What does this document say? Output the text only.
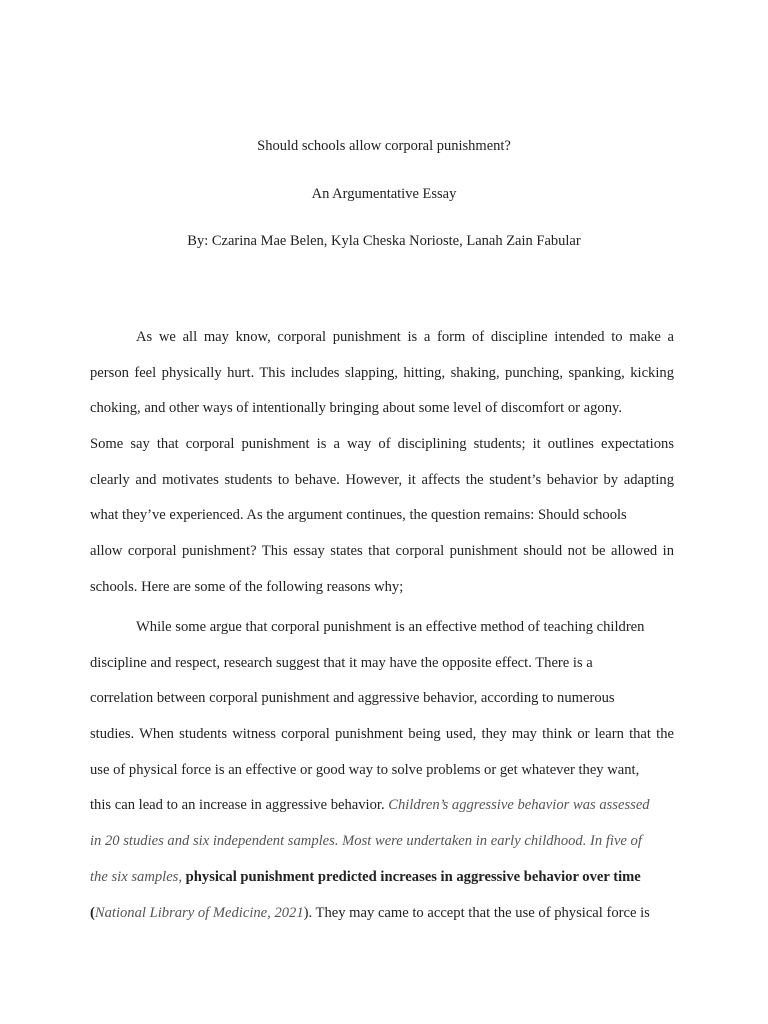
Should schools allow corporal punishment?
An Argumentative Essay
By: Czarina Mae Belen, Kyla Cheska Norioste, Lanah Zain Fabular
As we all may know, corporal punishment is a form of discipline intended to make a
person feel physically hurt. This includes slapping, hitting, shaking, punching, spanking, kicking
choking, and other ways of intentionally bringing about some level of discomfort or agony.
Some say that corporal punishment is a way of disciplining students; it outlines expectations
clearly and motivates students to behave. However, it affects the student’s behavior by adapting
what they’ve experienced. As the argument continues, the question remains: Should schools
allow corporal punishment? This essay states that corporal punishment should not be allowed in
schools. Here are some of the following reasons why;
While some argue that corporal punishment is an effective method of teaching children
discipline and respect, research suggest that it may have the opposite effect. There is a
correlation between corporal punishment and aggressive behavior, according to numerous
studies. When students witness corporal punishment being used, they may think or learn that the
use of physical force is an effective or good way to solve problems or get whatever they want,
this can lead to an increase in aggressive behavior. Children’s aggressive behavior was assessed
in 20 studies and six independent samples. Most were undertaken in early childhood. In five of
the six samples, physical punishment predicted increases in aggressive behavior over time
(National Library of Medicine, 2021). They may came to accept that the use of physical force is
